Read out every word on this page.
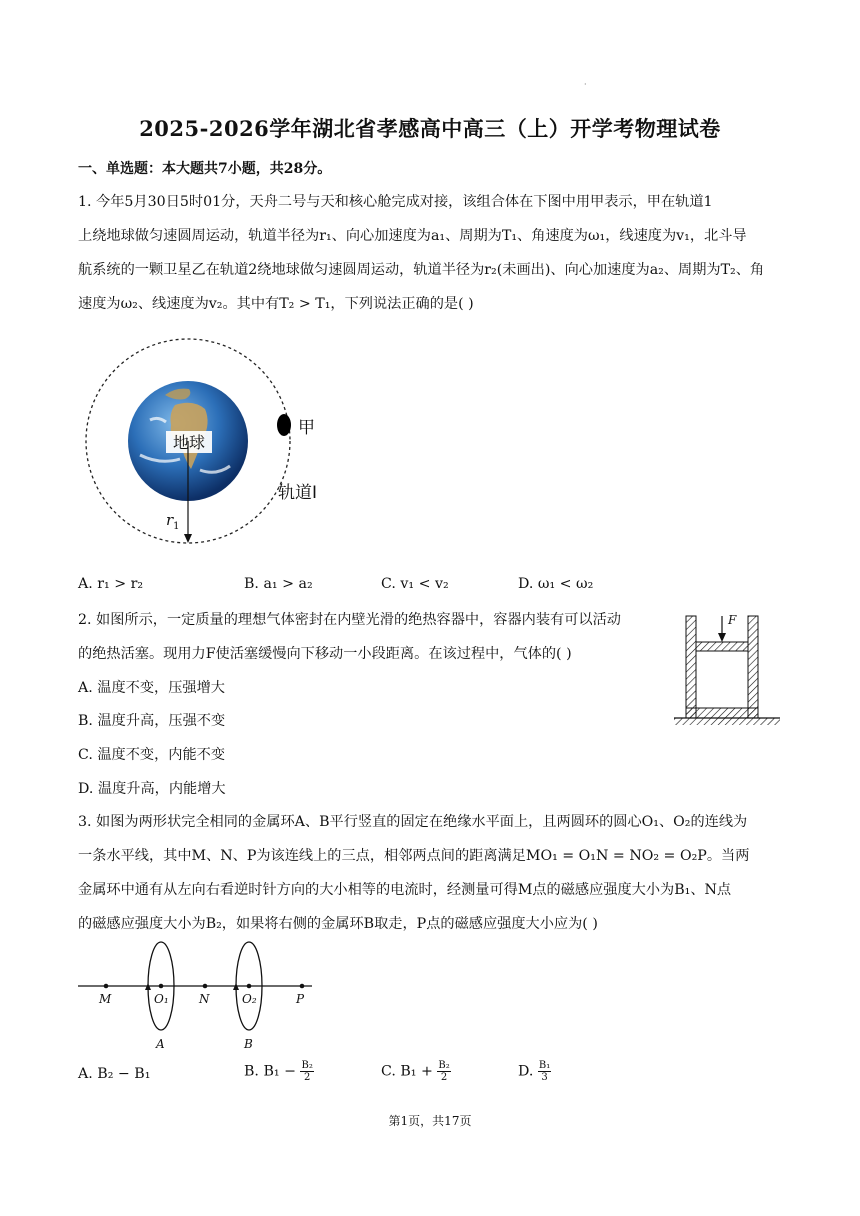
·
2025-2026学年湖北省孝感高中高三（上）开学考物理试卷
一、单选题：本大题共7小题，共28分。
1. 今年5月30日5时01分，天舟二号与天和核心舱完成对接，该组合体在下图中用甲表示，甲在轨道1
上绕地球做匀速圆周运动，轨道半径为r₁、向心加速度为a₁、周期为T₁、角速度为ω₁，线速度为v₁，北斗导
航系统的一颗卫星乙在轨道2绕地球做匀速圆周运动，轨道半径为r₂(未画出)、向心加速度为a₂、周期为T₂、角
速度为ω₂、线速度为v₂。其中有T₂ > T₁，下列说法正确的是( )
地球
甲
轨道I
$r_1$
A. r₁ > r₂	B. a₁ > a₂	C. v₁ < v₂	D. ω₁ < ω₂
2. 如图所示，一定质量的理想气体密封在内壁光滑的绝热容器中，容器内装有可以活动
的绝热活塞。现用力F使活塞缓慢向下移动一小段距离。在该过程中，气体的( )
A. 温度不变，压强增大
B. 温度升高，压强不变
C. 温度不变，内能不变
D. 温度升高，内能增大
F
3. 如图为两形状完全相同的金属环A、B平行竖直的固定在绝缘水平面上，且两圆环的圆心O₁、O₂的连线为
一条水平线，其中M、N、P为该连线上的三点，相邻两点间的距离满足MO₁ = O₁N = NO₂ = O₂P。当两
金属环中通有从左向右看逆时针方向的大小相等的电流时，经测量可得M点的磁感应强度大小为B₁、N点
的磁感应强度大小为B₂，如果将右侧的金属环B取走，P点的磁感应强度大小应为( )
M	O₁	N	O₂	P
A	B
A. B₂ − B₁	B. $B_1 - \frac{\text{B₂}}{2}$	C. $B_1 + \frac{\text{B₂}}{2}$	D. $\frac{\text{B₁}}{3}$
第1页，共17页
